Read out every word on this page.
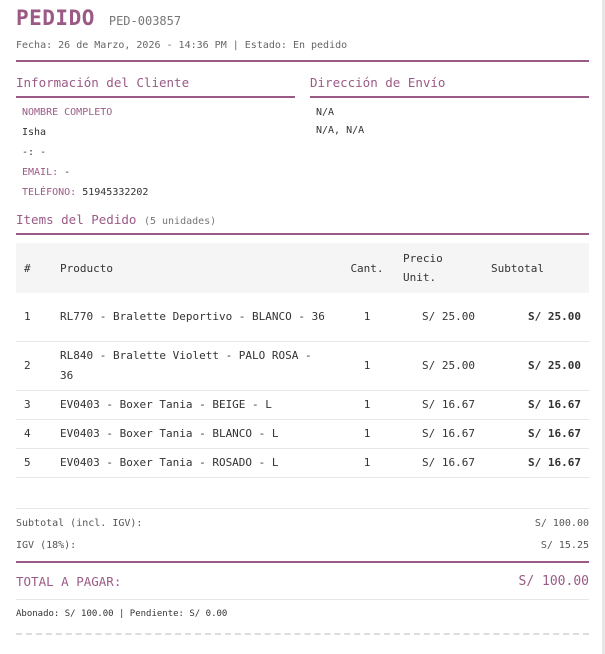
PEDIDO PED-003857
Fecha: 26 de Marzo, 2026 - 14:36 PM | Estado: En pedido
Información del Cliente
NOMBRE COMPLETO
Isha
-: -
EMAIL: -
TELÉFONO: 51945332202
Dirección de Envío
N/A
N/A, N/A
Items del Pedido (5 unidades)
#	Producto	Cant.	Precio Unit.	Subtotal
1	RL770 - Bralette Deportivo - BLANCO - 36	1	S/ 25.00	S/ 25.00
2	RL840 - Bralette Violett - PALO ROSA - 36	1	S/ 25.00	S/ 25.00
3	EV0403 - Boxer Tania - BEIGE - L	1	S/ 16.67	S/ 16.67
4	EV0403 - Boxer Tania - BLANCO - L	1	S/ 16.67	S/ 16.67
5	EV0403 - Boxer Tania - ROSADO - L	1	S/ 16.67	S/ 16.67
Subtotal (incl. IGV):	S/ 100.00
IGV (18%):	S/ 15.25
TOTAL A PAGAR:	S/ 100.00
Abonado: S/ 100.00 | Pendiente: S/ 0.00
